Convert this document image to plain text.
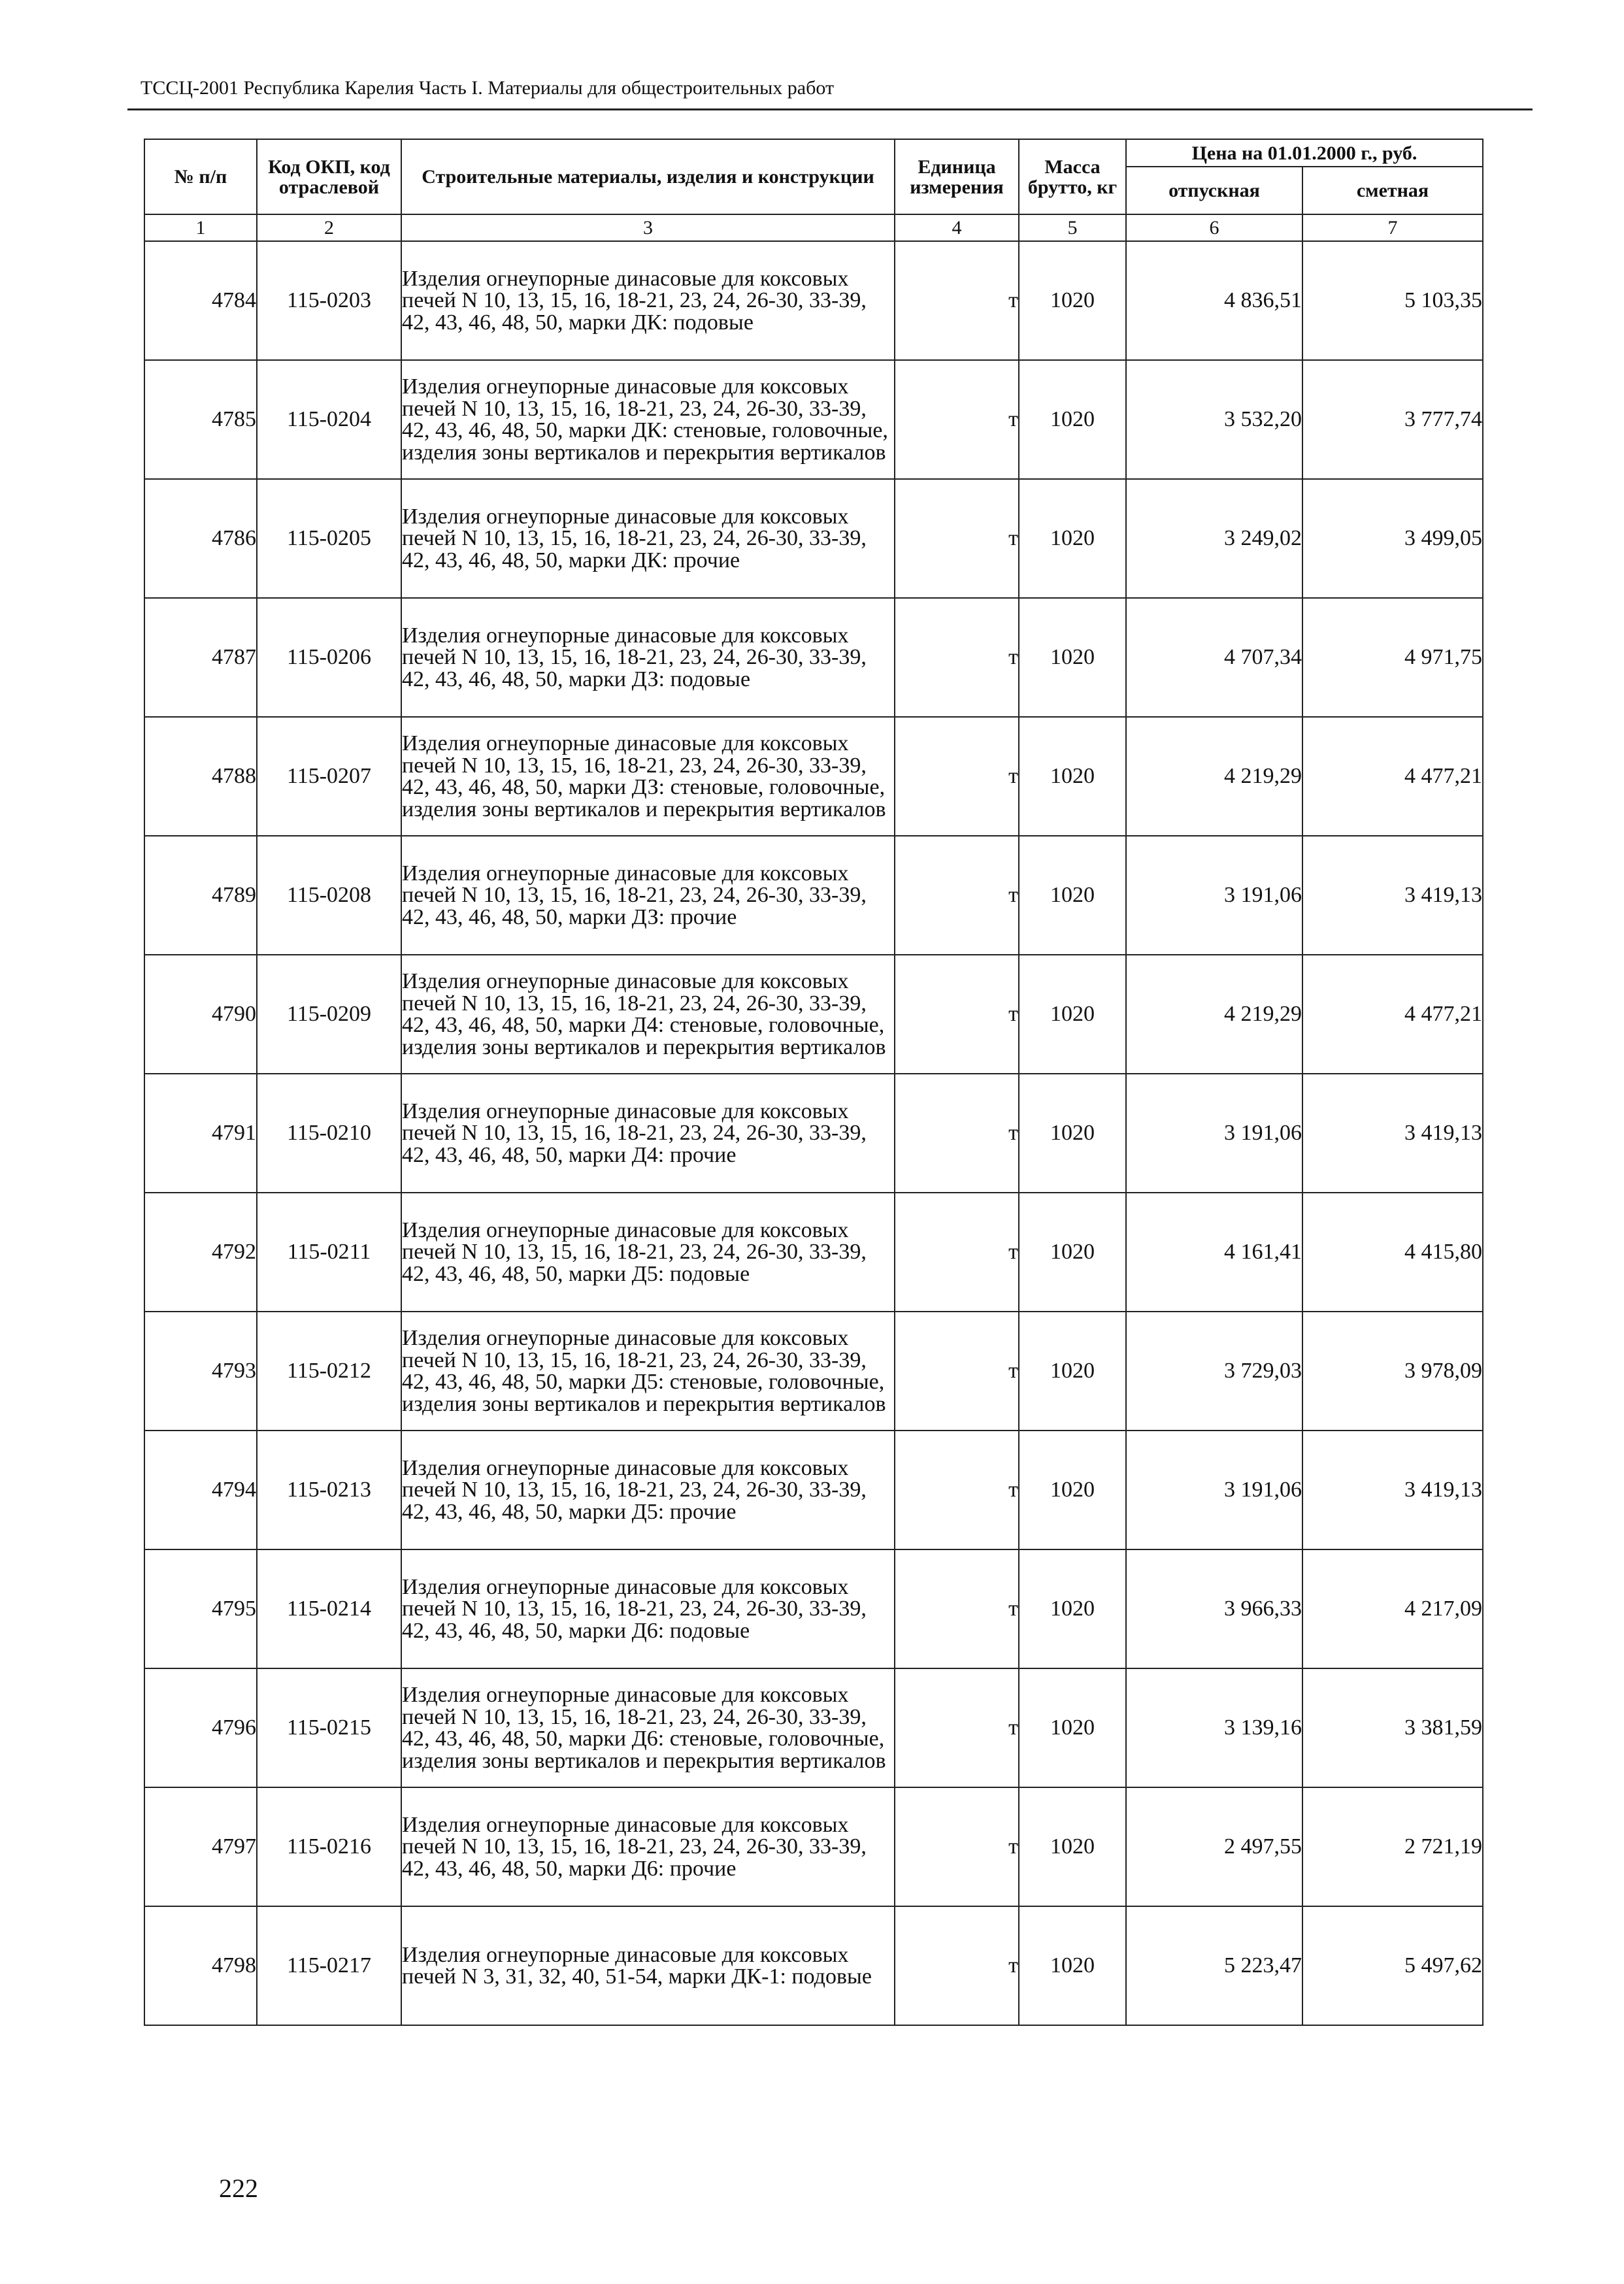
ТССЦ-2001 Республика Карелия Часть I. Материалы для общестроительных работ
№ п/п	Код ОКП, код отраслевой	Строительные материалы, изделия и конструкции	Единица измерения	Масса брутто, кг	Цена на 01.01.2000 г., руб.	
					отпускная	сметная
1	2	3	4	5	6	7
4784	115-0203	Изделия огнеупорные динасовые для коксовых печей N 10, 13, 15, 16, 18-21, 23, 24, 26-30, 33-39, 42, 43, 46, 48, 50, марки ДК: подовые	т	1020	4 836,51	5 103,35
4785	115-0204	Изделия огнеупорные динасовые для коксовых печей N 10, 13, 15, 16, 18-21, 23, 24, 26-30, 33-39, 42, 43, 46, 48, 50, марки ДК: стеновые, головочные, изделия зоны вертикалов и перекрытия вертикалов	т	1020	3 532,20	3 777,74
4786	115-0205	Изделия огнеупорные динасовые для коксовых печей N 10, 13, 15, 16, 18-21, 23, 24, 26-30, 33-39, 42, 43, 46, 48, 50, марки ДК: прочие	т	1020	3 249,02	3 499,05
4787	115-0206	Изделия огнеупорные динасовые для коксовых печей N 10, 13, 15, 16, 18-21, 23, 24, 26-30, 33-39, 42, 43, 46, 48, 50, марки ДЗ: подовые	т	1020	4 707,34	4 971,75
4788	115-0207	Изделия огнеупорные динасовые для коксовых печей N 10, 13, 15, 16, 18-21, 23, 24, 26-30, 33-39, 42, 43, 46, 48, 50, марки ДЗ: стеновые, головочные, изделия зоны вертикалов и перекрытия вертикалов	т	1020	4 219,29	4 477,21
4789	115-0208	Изделия огнеупорные динасовые для коксовых печей N 10, 13, 15, 16, 18-21, 23, 24, 26-30, 33-39, 42, 43, 46, 48, 50, марки ДЗ: прочие	т	1020	3 191,06	3 419,13
4790	115-0209	Изделия огнеупорные динасовые для коксовых печей N 10, 13, 15, 16, 18-21, 23, 24, 26-30, 33-39, 42, 43, 46, 48, 50, марки Д4: стеновые, головочные, изделия зоны вертикалов и перекрытия вертикалов	т	1020	4 219,29	4 477,21
4791	115-0210	Изделия огнеупорные динасовые для коксовых печей N 10, 13, 15, 16, 18-21, 23, 24, 26-30, 33-39, 42, 43, 46, 48, 50, марки Д4: прочие	т	1020	3 191,06	3 419,13
4792	115-0211	Изделия огнеупорные динасовые для коксовых печей N 10, 13, 15, 16, 18-21, 23, 24, 26-30, 33-39, 42, 43, 46, 48, 50, марки Д5: подовые	т	1020	4 161,41	4 415,80
4793	115-0212	Изделия огнеупорные динасовые для коксовых печей N 10, 13, 15, 16, 18-21, 23, 24, 26-30, 33-39, 42, 43, 46, 48, 50, марки Д5: стеновые, головочные, изделия зоны вертикалов и перекрытия вертикалов	т	1020	3 729,03	3 978,09
4794	115-0213	Изделия огнеупорные динасовые для коксовых печей N 10, 13, 15, 16, 18-21, 23, 24, 26-30, 33-39, 42, 43, 46, 48, 50, марки Д5: прочие	т	1020	3 191,06	3 419,13
4795	115-0214	Изделия огнеупорные динасовые для коксовых печей N 10, 13, 15, 16, 18-21, 23, 24, 26-30, 33-39, 42, 43, 46, 48, 50, марки Д6: подовые	т	1020	3 966,33	4 217,09
4796	115-0215	Изделия огнеупорные динасовые для коксовых печей N 10, 13, 15, 16, 18-21, 23, 24, 26-30, 33-39, 42, 43, 46, 48, 50, марки Д6: стеновые, головочные, изделия зоны вертикалов и перекрытия вертикалов	т	1020	3 139,16	3 381,59
4797	115-0216	Изделия огнеупорные динасовые для коксовых печей N 10, 13, 15, 16, 18-21, 23, 24, 26-30, 33-39, 42, 43, 46, 48, 50, марки Д6: прочие	т	1020	2 497,55	2 721,19
4798	115-0217	Изделия огнеупорные динасовые для коксовых печей N 3, 31, 32, 40, 51-54, марки ДК-1: подовые	т	1020	5 223,47	5 497,62
222
